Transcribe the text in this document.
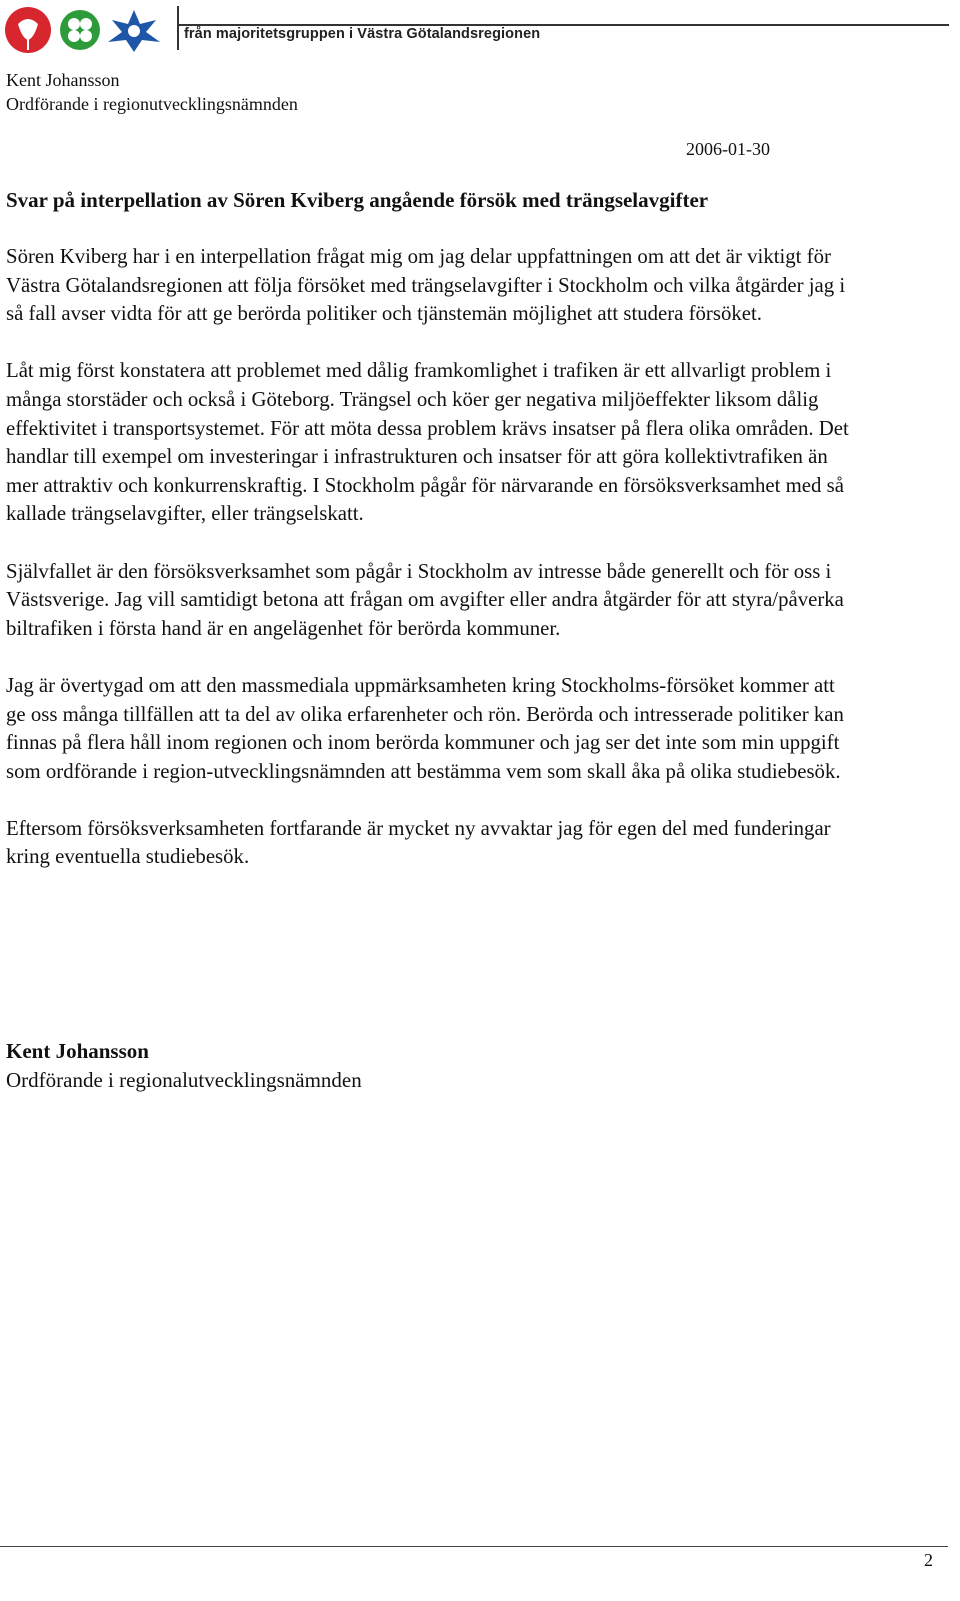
från majoritetsgruppen i Västra Götalandsregionen
Kent Johansson
Ordförande i regionutvecklingsnämnden
2006-01-30
Svar på interpellation av Sören Kviberg angående försök med trängselavgifter

Sören Kviberg har i en interpellation frågat mig om jag delar uppfattningen om att det är viktigt för Västra Götalandsregionen att följa försöket med trängselavgifter i Stockholm och vilka åtgärder jag i så fall avser vidta för att ge berörda politiker och tjänstemän möjlighet att studera försöket.

Låt mig först konstatera att problemet med dålig framkomlighet i trafiken är ett allvarligt problem i många storstäder och också i Göteborg. Trängsel och köer ger negativa miljöeffekter liksom dålig effektivitet i transportsystemet. För att möta dessa problem krävs insatser på flera olika områden. Det handlar till exempel om investeringar i infrastrukturen och insatser för att göra kollektivtrafiken än mer attraktiv och konkurrenskraftig. I Stockholm pågår för närvarande en försöksverksamhet med så kallade trängselavgifter, eller trängselskatt.

Självfallet är den försöksverksamhet som pågår i Stockholm av intresse både generellt och för oss i Västsverige. Jag vill samtidigt betona att frågan om avgifter eller andra åtgärder för att styra/påverka biltrafiken i första hand är en angelägenhet för berörda kommuner.

Jag är övertygad om att den massmediala uppmärksamheten kring Stockholms-försöket kommer att ge oss många tillfällen att ta del av olika erfarenheter och rön. Berörda och intresserade politiker kan finnas på flera håll inom regionen och inom berörda kommuner och jag ser det inte som min uppgift som ordförande i region-utvecklingsnämnden att bestämma vem som skall åka på olika studiebesök.

Eftersom försöksverksamheten fortfarande är mycket ny avvaktar jag för egen del med funderingar kring eventuella studiebesök.

Kent Johansson
Ordförande i regionalutvecklingsnämnden
2
